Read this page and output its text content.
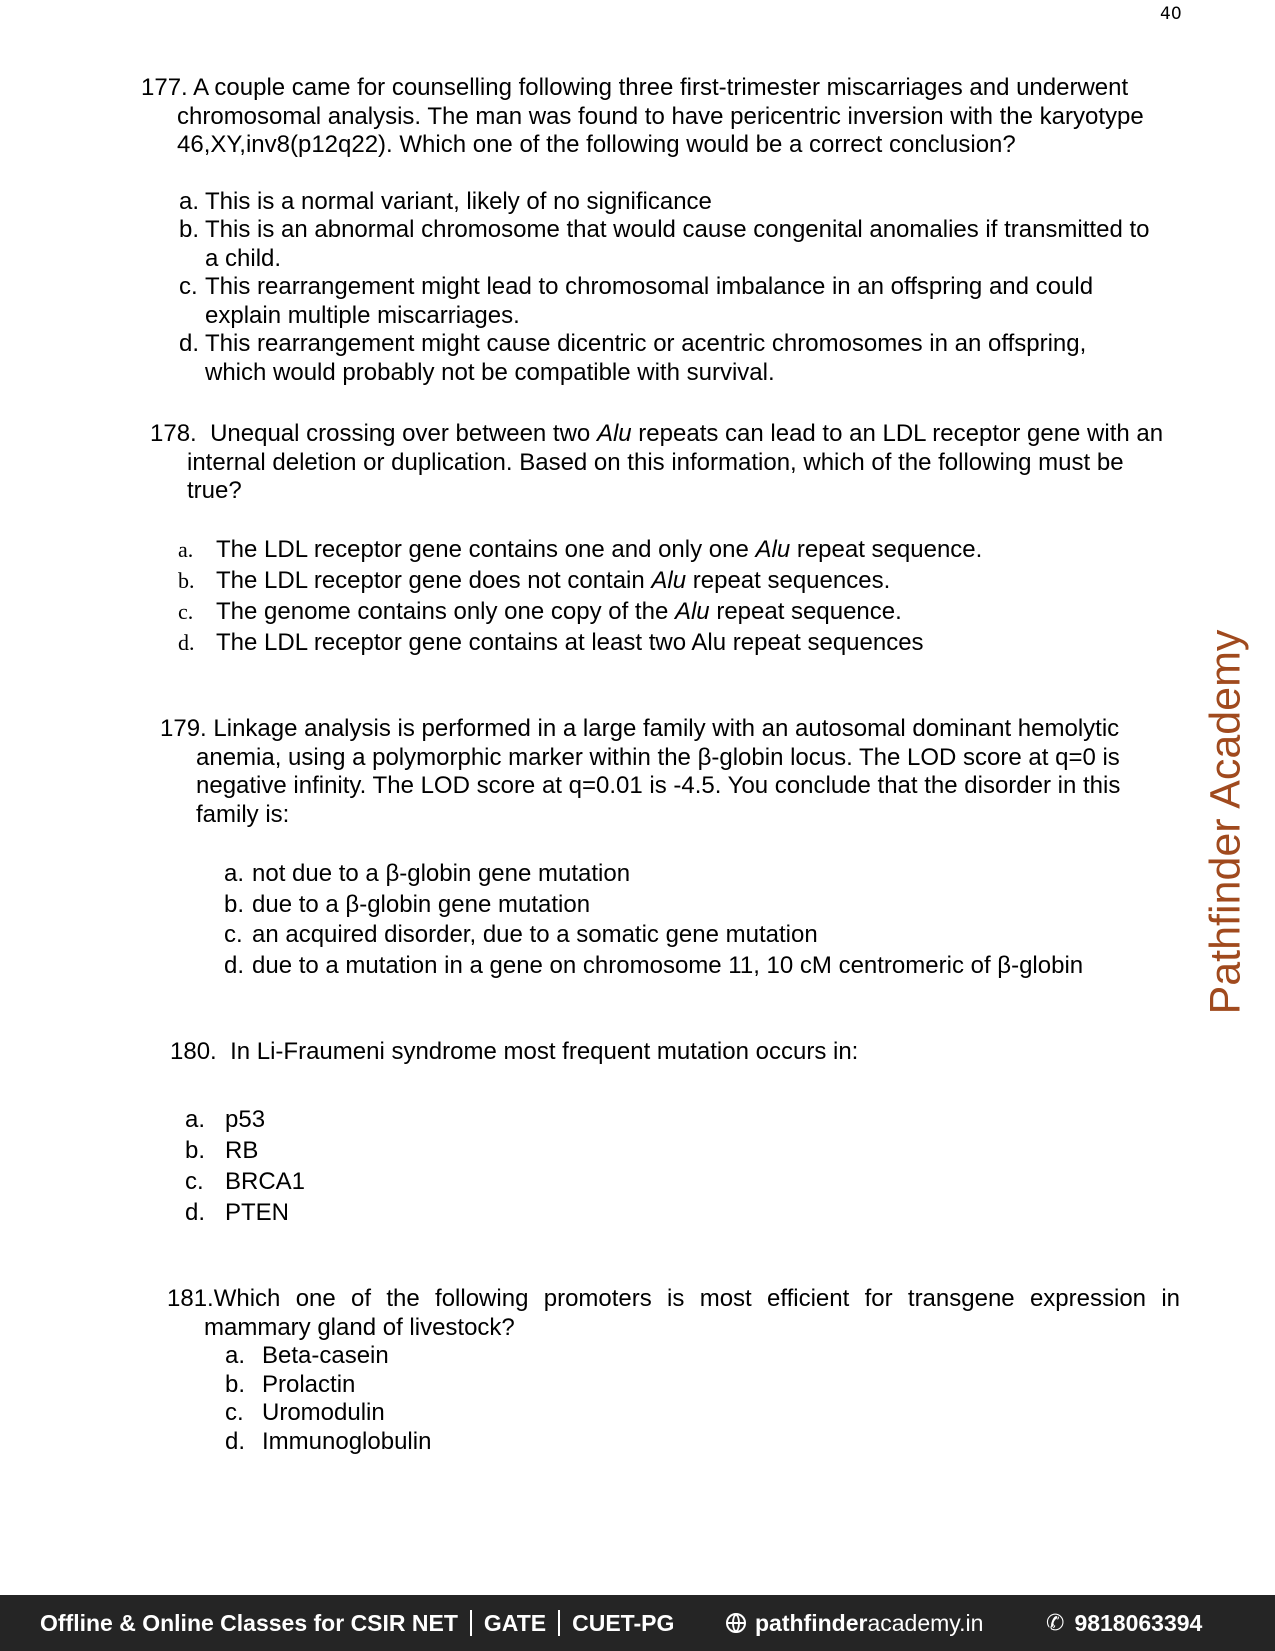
40
Pathfinder Academy
177. A couple came for counselling following three first-trimester miscarriages and underwent chromosomal analysis. The man was found to have pericentric inversion with the karyotype 46,XY,inv8(p12q22). Which one of the following would be a correct conclusion?
a. This is a normal variant, likely of no significance
b. This is an abnormal chromosome that would cause congenital anomalies if transmitted to a child.
c. This rearrangement might lead to chromosomal imbalance in an offspring and could explain multiple miscarriages.
d. This rearrangement might cause dicentric or acentric chromosomes in an offspring, which would probably not be compatible with survival.
178. Unequal crossing over between two Alu repeats can lead to an LDL receptor gene with an internal deletion or duplication. Based on this information, which of the following must be true?
a. The LDL receptor gene contains one and only one Alu repeat sequence.
b. The LDL receptor gene does not contain Alu repeat sequences.
c. The genome contains only one copy of the Alu repeat sequence.
d. The LDL receptor gene contains at least two Alu repeat sequences
179. Linkage analysis is performed in a large family with an autosomal dominant hemolytic anemia, using a polymorphic marker within the β-globin locus. The LOD score at q=0 is negative infinity. The LOD score at q=0.01 is -4.5. You conclude that the disorder in this family is:
a. not due to a β-globin gene mutation
b. due to a β-globin gene mutation
c. an acquired disorder, due to a somatic gene mutation
d. due to a mutation in a gene on chromosome 11, 10 cM centromeric of β-globin
180. In Li-Fraumeni syndrome most frequent mutation occurs in:
a. p53
b. RB
c. BRCA1
d. PTEN
181.Which one of the following promoters is most efficient for transgene expression in mammary gland of livestock?
a. Beta-casein
b. Prolactin
c. Uromodulin
d. Immunoglobulin
Offline & Online Classes for CSIR NET GATE CUET-PG	pathfinder academy.in	✆ 9818063394
